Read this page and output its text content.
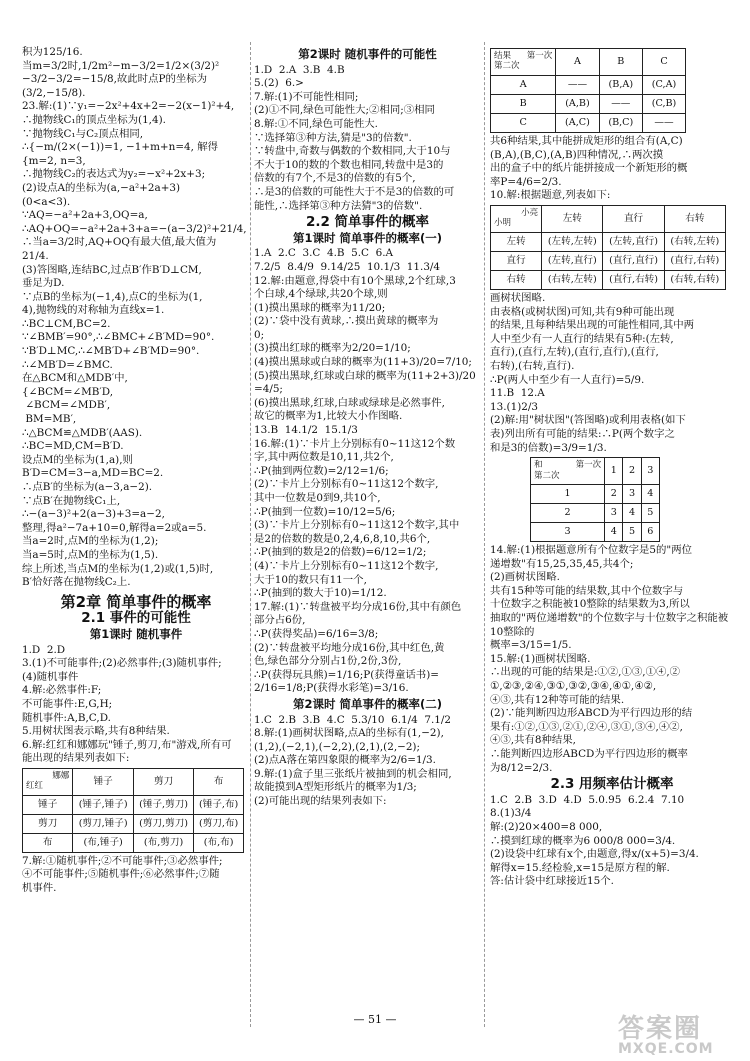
积为125/16.
当m=3/2时,1/2m²−m−3/2=1/2×(3/2)²
−3/2−3/2=−15/8,故此时点P的坐标为
(3/2,−15/8).
23.解:(1)∵y₁=−2x²+4x+2=−2(x−1)²+4,
∴抛物线C₁的顶点坐标为(1,4).
∵抛物线C₁与C₂顶点相同,
∴{−m/(2×(−1))=1, −1+m+n=4, 解得{m=2, n=3,
∴抛物线C₂的表达式为y₂=−x²+2x+3;
(2)设点A的坐标为(a,−a²+2a+3)
(0<a<3).
∵AQ=−a²+2a+3,OQ=a,
∴AQ+OQ=−a²+2a+3+a=−(a−3/2)²+21/4,
∴当a=3/2时,AQ+OQ有最大值,最大值为
21/4.
(3)答图略,连结BC,过点B′作B′D⊥CM,
垂足为D.
∵点B的坐标为(−1,4),点C的坐标为(1,
4),抛物线的对称轴为直线x=1.
∴BC⊥CM,BC=2.
∵∠BMB′=90°,∴∠BMC+∠B′MD=90°.
∵B′D⊥MC,∴∠MB′D+∠B′MD=90°.
∴∠MB′D=∠BMC.
在△BCM和△MDB′中,
{∠BCM=∠MB′D,
∠BCM=∠MDB′,
BM=MB′,
∴△BCM≌△MDB′(AAS).
∴BC=MD,CM=B′D.
设点M的坐标为(1,a),则B′D=CM=3−a,MD=BC=2.
∴点B′的坐标为(a−3,a−2).
∵点B′在抛物线C₁上,
∴−(a−3)²+2(a−3)+3=a−2,
整理,得a²−7a+10=0,解得a=2或a=5.
当a=2时,点M的坐标为(1,2);
当a=5时,点M的坐标为(1,5).
综上所述,当点M的坐标为(1,2)或(1,5)时,
B′恰好落在抛物线C₂上.
第2章 简单事件的概率
2.1 事件的可能性
第1课时 随机事件
1.D  2.D
3.(1)不可能事件;(2)必然事件;(3)随机事件;
(4)随机事件
4.解:必然事件:F;
不可能事件:E,G,H;
随机事件:A,B,C,D.
5.用树状图表示略,共有8种结果.
6.解:红红和娜娜玩"锤子,剪刀,布"游戏,所有可
能出现的结果列表如下:
娜娜
红红	锤子	剪刀	布
锤子	(锤子,锤子)	(锤子,剪刀)	(锤子,布)
剪刀	(剪刀,锤子)	(剪刀,剪刀)	(剪刀,布)
布	(布,锤子)	(布,剪刀)	(布,布)
7.解:①随机事件;②不可能事件;③必然事件;
④不可能事件;⑤随机事件;⑥必然事件;⑦随
机事件.
第2课时 随机事件的可能性
1.D  2.A  3.B  4.B
5.(2)  6.>
7.解:(1)不可能性相同;
(2)①不同,绿色可能性大;②相同;③相同
8.解:①不同,绿色可能性大.
∵选择第③种方法,猜是"3的倍数".
∵转盘中,奇数与偶数的个数相同,大于10与
不大于10的数的个数也相同,转盘中是3的
倍数的有7个,不是3的倍数的有5个,
∴是3的倍数的可能性大于不是3的倍数的可
能性,∴选择第③种方法猜"3的倍数".
2.2 简单事件的概率
第1课时 简单事件的概率(一)
1.A  2.C  3.C  4.B  5.C  6.A
7.2/5  8.4/9  9.14/25  10.1/3  11.3/4
12.解:由题意,得袋中有10个黑球,2个红球,3
个白球,4个绿球,共20个球,则
(1)摸出黑球的概率为11/20;
(2)∵袋中没有黄球,∴摸出黄球的概率为
0;
(3)摸出红球的概率为2/20=1/10;
(4)摸出黑球或白球的概率为(11+3)/20=7/10;
(5)摸出黑球,红球或白球的概率为(11+2+3)/20
=4/5;
(6)摸出黑球,红球,白球或绿球是必然事件,
故它的概率为1,比较大小作图略.
13.B  14.1/2  15.1/3
16.解:(1)∵卡片上分别标有0~11这12个数
字,其中两位数是10,11,共2个,
∴P(抽到两位数)=2/12=1/6;
(2)∵卡片上分别标有0~11这12个数字,
其中一位数是0到9,共10个,
∴P(抽到一位数)=10/12=5/6;
(3)∵卡片上分别标有0~11这12个数字,其中
是2的倍数的数是0,2,4,6,8,10,共6个,
∴P(抽到的数是2的倍数)=6/12=1/2;
(4)∵卡片上分别标有0~11这12个数字,
大于10的数只有11一个,
∴P(抽到的数大于10)=1/12.
17.解:(1)∵转盘被平均分成16份,其中有颜色
部分占6份,
∴P(获得奖品)=6/16=3/8;
(2)∵转盘被平均地分成16份,其中红色,黄
色,绿色部分分别占1份,2份,3份,
∴P(获得玩具熊)=1/16;P(获得童话书)=
2/16=1/8;P(获得水彩笔)=3/16.
第2课时 简单事件的概率(二)
1.C  2.B  3.B  4.C  5.3/10  6.1/4  7.1/2
8.解:(1)画树状图略,点A的坐标有(1,−2),
(1,2),(−2,1),(−2,2),(2,1),(2,−2);
(2)点A落在第四象限的概率为2/6=1/3.
9.解:(1)盒子里三张纸片被抽到的机会相同,
故能摸到A型矩形纸片的概率为1/3;
(2)可能出现的结果列表如下:
第一次
第二次
结果	A	B	C
A	——	(B,A)	(C,A)
B	(A,B)	——	(C,B)
C	(A,C)	(B,C)	——
共6种结果,其中能拼成矩形的组合有(A,C)
(B,A),(B,C),(A,B)四种情况,∴两次摸
出的盒子中的纸片能拼接成一个新矩形的概
率P=4/6=2/3.
10.解:根据题意,列表如下:
小亮
小明	左转	直行	右转
左转	(左转,左转)	(左转,直行)	(右转,左转)
直行	(左转,直行)	(直行,直行)	(直行,右转)
右转	(右转,左转)	(直行,右转)	(右转,右转)
画树状图略.
由表格(或树状图)可知,共有9种可能出现
的结果,且每种结果出现的可能性相同,其中两
人中至少有一人直行的结果有5种:(左转,
直行),(直行,左转),(直行,直行),(直行,
右转),(右转,直行).
∴P(两人中至少有一人直行)=5/9.
11.B  12.A
13.(1)2/3
(2)解:用"树状图"(答图略)或利用表格(如下
表)列出所有可能的结果:∴P(两个数字之
和是3的倍数)=3/9=1/3.
第一次
第二次
和	1	2	3
1	2	3	4
2	3	4	5
3	4	5	6
14.解:(1)根据题意所有个位数字是5的"两位
递增数"有15,25,35,45,共4个;
(2)画树状图略.
共有15种等可能的结果数,其中个位数字与
十位数字之积能被10整除的结果数为3,所以
抽取的"两位递增数"的个位数字与十位数字之积能被10整除的
概率=3/15=1/5.
15.解:(1)画树状图略.
∴出现的可能的结果是:①②,①③,①④,②
①,②③,②④,③①,③②,③④,④①,④②,
④③,共有12种等可能的结果.
(2)∵能判断四边形ABCD为平行四边形的结
果有:①②,①③,②①,②④,③①,③④,④②,
④③,共有8种结果,
∴能判断四边形ABCD为平行四边形的概率
为8/12=2/3.
2.3 用频率估计概率
1.C  2.B  3.D  4.D  5.0.95  6.2.4  7.10
8.(1)3/4
解:(2)20×400=8 000,
∴摸到红球的概率为6 000/8 000=3/4.
(2)设袋中红球有x个,由题意,得x/(x+5)=3/4.
解得x=15.经检验,x=15是原方程的解.
答:估计袋中红球接近15个.
— 51 —	答案圈
MXQE.COM
